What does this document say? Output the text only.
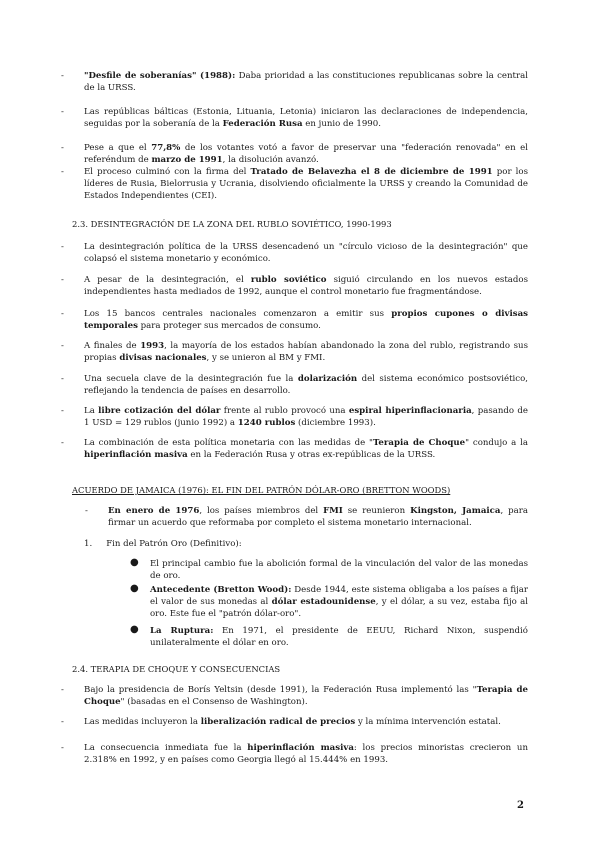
- "Desfile de soberanías" (1988): Daba prioridad a las constituciones republicanas sobre la central de la URSS.
- Las repúblicas bálticas (Estonia, Lituania, Letonia) iniciaron las declaraciones de independencia, seguidas por la soberanía de la Federación Rusa en junio de 1990.
- Pese a que el 77,8% de los votantes votó a favor de preservar una "federación renovada" en el referéndum de marzo de 1991, la disolución avanzó.
- El proceso culminó con la firma del Tratado de Belavezha el 8 de diciembre de 1991 por los líderes de Rusia, Bielorrusia y Ucrania, disolviendo oficialmente la URSS y creando la Comunidad de Estados Independientes (CEI).
2.3. DESINTEGRACIÓN DE LA ZONA DEL RUBLO SOVIÉTICO, 1990-1993
- La desintegración política de la URSS desencadenó un "círculo vicioso de la desintegración" que colapsó el sistema monetario y económico.
- A pesar de la desintegración, el rublo soviético siguió circulando en los nuevos estados independientes hasta mediados de 1992, aunque el control monetario fue fragmentándose.
- Los 15 bancos centrales nacionales comenzaron a emitir sus propios cupones o divisas temporales para proteger sus mercados de consumo.
- A finales de 1993, la mayoría de los estados habían abandonado la zona del rublo, registrando sus propias divisas nacionales, y se unieron al BM y FMI.
- Una secuela clave de la desintegración fue la dolarización del sistema económico postsoviético, reflejando la tendencia de países en desarrollo.
- La libre cotización del dólar frente al rublo provocó una espiral hiperinflacionaria, pasando de 1 USD = 129 rublos (junio 1992) a 1240 rublos (diciembre 1993).
- La combinación de esta política monetaria con las medidas de "Terapia de Choque" condujo a la hiperinflación masiva en la Federación Rusa y otras ex-repúblicas de la URSS.
ACUERDO DE JAMAICA (1976): EL FIN DEL PATRÓN DÓLAR-ORO (BRETTON WOODS)
- En enero de 1976, los países miembros del FMI se reunieron Kingston, Jamaica, para firmar un acuerdo que reformaba por completo el sistema monetario internacional.
1. Fin del Patrón Oro (Definitivo):
● El principal cambio fue la abolición formal de la vinculación del valor de las monedas de oro.
● Antecedente (Bretton Wood): Desde 1944, este sistema obligaba a los países a fijar el valor de sus monedas al dólar estadounidense, y el dólar, a su vez, estaba fijo al oro. Este fue el "patrón dólar-oro".
● La Ruptura: En 1971, el presidente de EEUU, Richard Nixon, suspendió unilateralmente el dólar en oro.
2.4. TERAPIA DE CHOQUE Y CONSECUENCIAS
- Bajo la presidencia de Borís Yeltsin (desde 1991), la Federación Rusa implementó las "Terapia de Choque" (basadas en el Consenso de Washington).
- Las medidas incluyeron la liberalización radical de precios y la mínima intervención estatal.
- La consecuencia inmediata fue la hiperinflación masiva: los precios minoristas crecieron un 2.318% en 1992, y en países como Georgia llegó al 15.444% en 1993.
2
